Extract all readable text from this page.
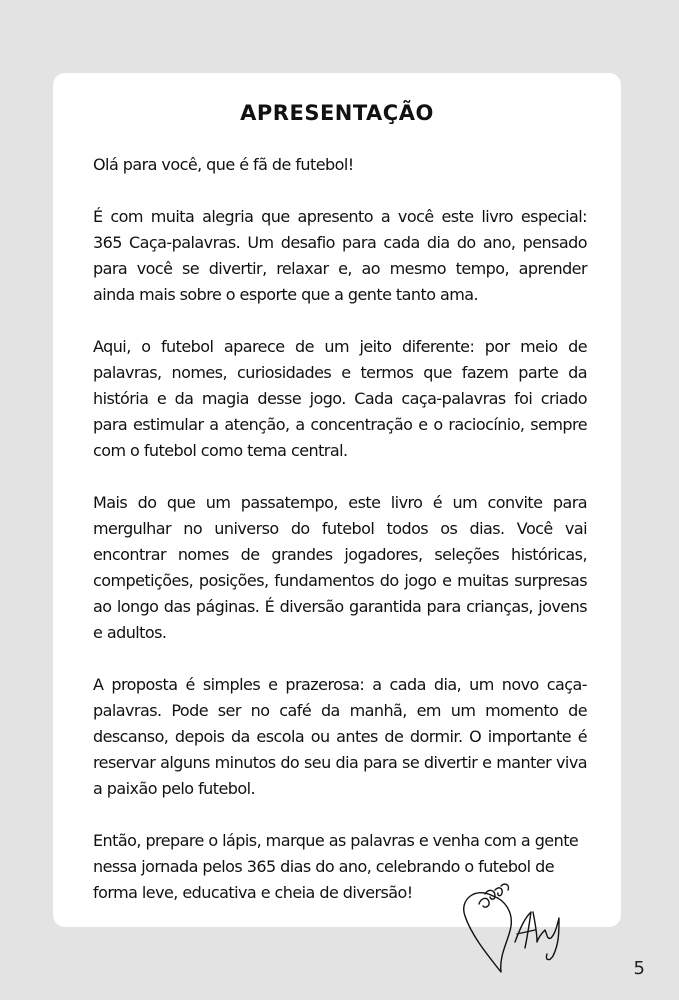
APRESENTAÇÃO

Olá para você, que é fã de futebol!

É com muita alegria que apresento a você este livro especial: 365 Caça-palavras. Um desafio para cada dia do ano, pensado para você se divertir, relaxar e, ao mesmo tempo, aprender ainda mais sobre o esporte que a gente tanto ama.

Aqui, o futebol aparece de um jeito diferente: por meio de palavras, nomes, curiosidades e termos que fazem parte da história e da magia desse jogo. Cada caça-palavras foi criado para estimular a atenção, a concentração e o raciocínio, sempre com o futebol como tema central.

Mais do que um passatempo, este livro é um convite para mergulhar no universo do futebol todos os dias. Você vai encontrar nomes de grandes jogadores, seleções históricas, competições, posições, fundamentos do jogo e muitas surpresas ao longo das páginas. É diversão garantida para crianças, jovens e adultos.

A proposta é simples e prazerosa: a cada dia, um novo caça-palavras. Pode ser no café da manhã, em um momento de descanso, depois da escola ou antes de dormir. O importante é reservar alguns minutos do seu dia para se divertir e manter viva a paixão pelo futebol.

Então, prepare o lápis, marque as palavras e venha com a gente nessa jornada pelos 365 dias do ano, celebrando o futebol de forma leve, educativa e cheia de diversão!

5
